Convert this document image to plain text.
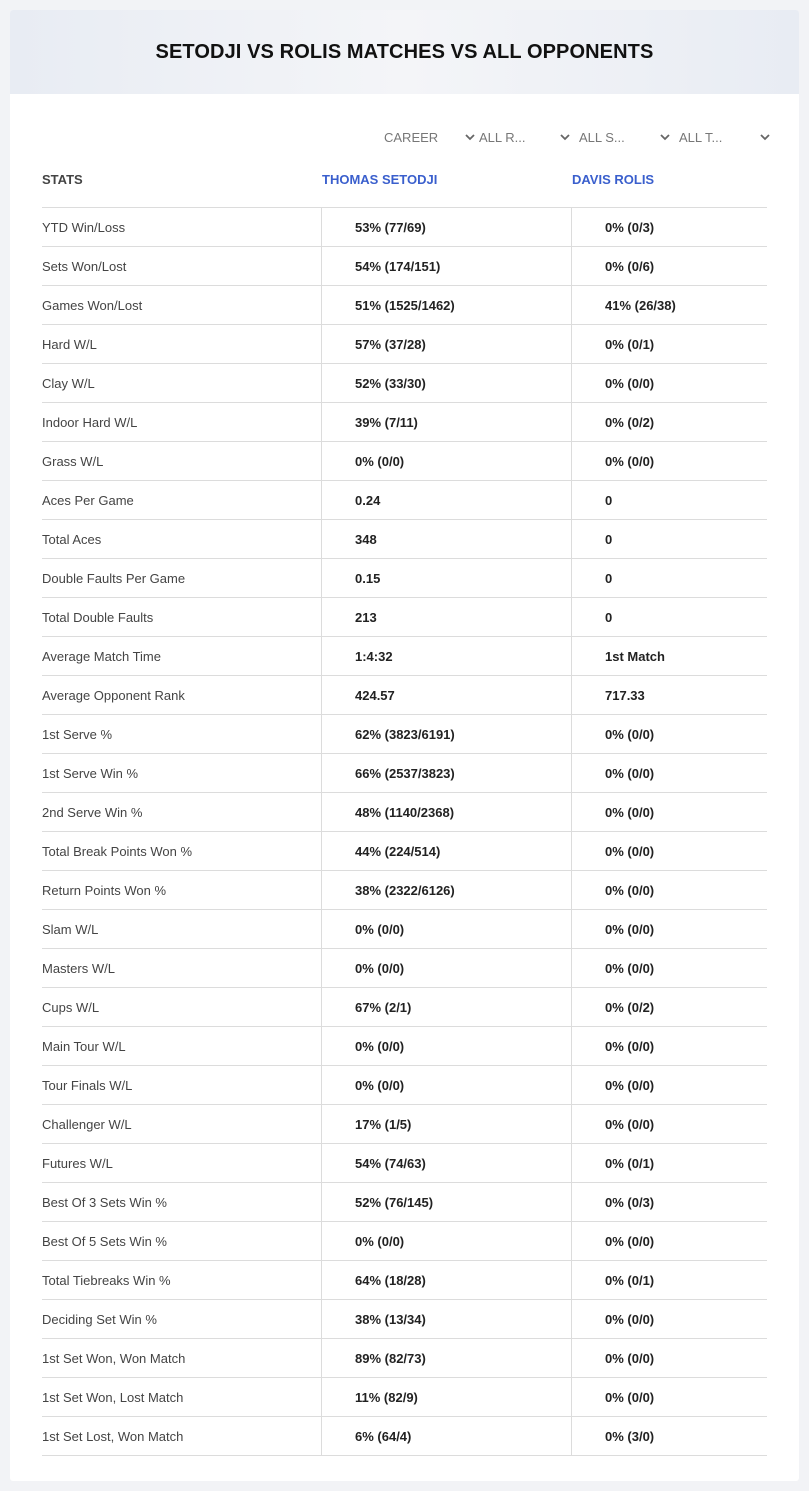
SETODJI VS ROLIS MATCHES VS ALL OPPONENTS
CAREER	ALL R...	ALL S...	ALL T...
STATS	THOMAS SETODJI	DAVIS ROLIS
YTD Win/Loss	53% (77/69)	0% (0/3)
Sets Won/Lost	54% (174/151)	0% (0/6)
Games Won/Lost	51% (1525/1462)	41% (26/38)
Hard W/L	57% (37/28)	0% (0/1)
Clay W/L	52% (33/30)	0% (0/0)
Indoor Hard W/L	39% (7/11)	0% (0/2)
Grass W/L	0% (0/0)	0% (0/0)
Aces Per Game	0.24	0
Total Aces	348	0
Double Faults Per Game	0.15	0
Total Double Faults	213	0
Average Match Time	1:4:32	1st Match
Average Opponent Rank	424.57	717.33
1st Serve %	62% (3823/6191)	0% (0/0)
1st Serve Win %	66% (2537/3823)	0% (0/0)
2nd Serve Win %	48% (1140/2368)	0% (0/0)
Total Break Points Won %	44% (224/514)	0% (0/0)
Return Points Won %	38% (2322/6126)	0% (0/0)
Slam W/L	0% (0/0)	0% (0/0)
Masters W/L	0% (0/0)	0% (0/0)
Cups W/L	67% (2/1)	0% (0/2)
Main Tour W/L	0% (0/0)	0% (0/0)
Tour Finals W/L	0% (0/0)	0% (0/0)
Challenger W/L	17% (1/5)	0% (0/0)
Futures W/L	54% (74/63)	0% (0/1)
Best Of 3 Sets Win %	52% (76/145)	0% (0/3)
Best Of 5 Sets Win %	0% (0/0)	0% (0/0)
Total Tiebreaks Win %	64% (18/28)	0% (0/1)
Deciding Set Win %	38% (13/34)	0% (0/0)
1st Set Won, Won Match	89% (82/73)	0% (0/0)
1st Set Won, Lost Match	11% (82/9)	0% (0/0)
1st Set Lost, Won Match	6% (64/4)	0% (3/0)
